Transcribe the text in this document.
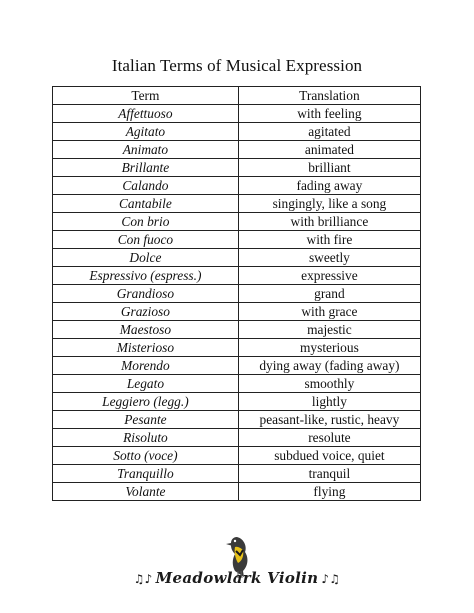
Italian Terms of Musical Expression
Term	Translation
Affettuoso	with feeling
Agitato	agitated
Animato	animated
Brillante	brilliant
Calando	fading away
Cantabile	singingly, like a song
Con brio	with brilliance
Con fuoco	with fire
Dolce	sweetly
Espressivo (espress.)	expressive
Grandioso	grand
Grazioso	with grace
Maestoso	majestic
Misterioso	mysterious
Morendo	dying away (fading away)
Legato	smoothly
Leggiero (legg.)	lightly
Pesante	peasant-like, rustic, heavy
Risoluto	resolute
Sotto (voce)	subdued voice, quiet
Tranquillo	tranquil
Volante	flying
♫♪ Meadowlark Violin ♪♫
